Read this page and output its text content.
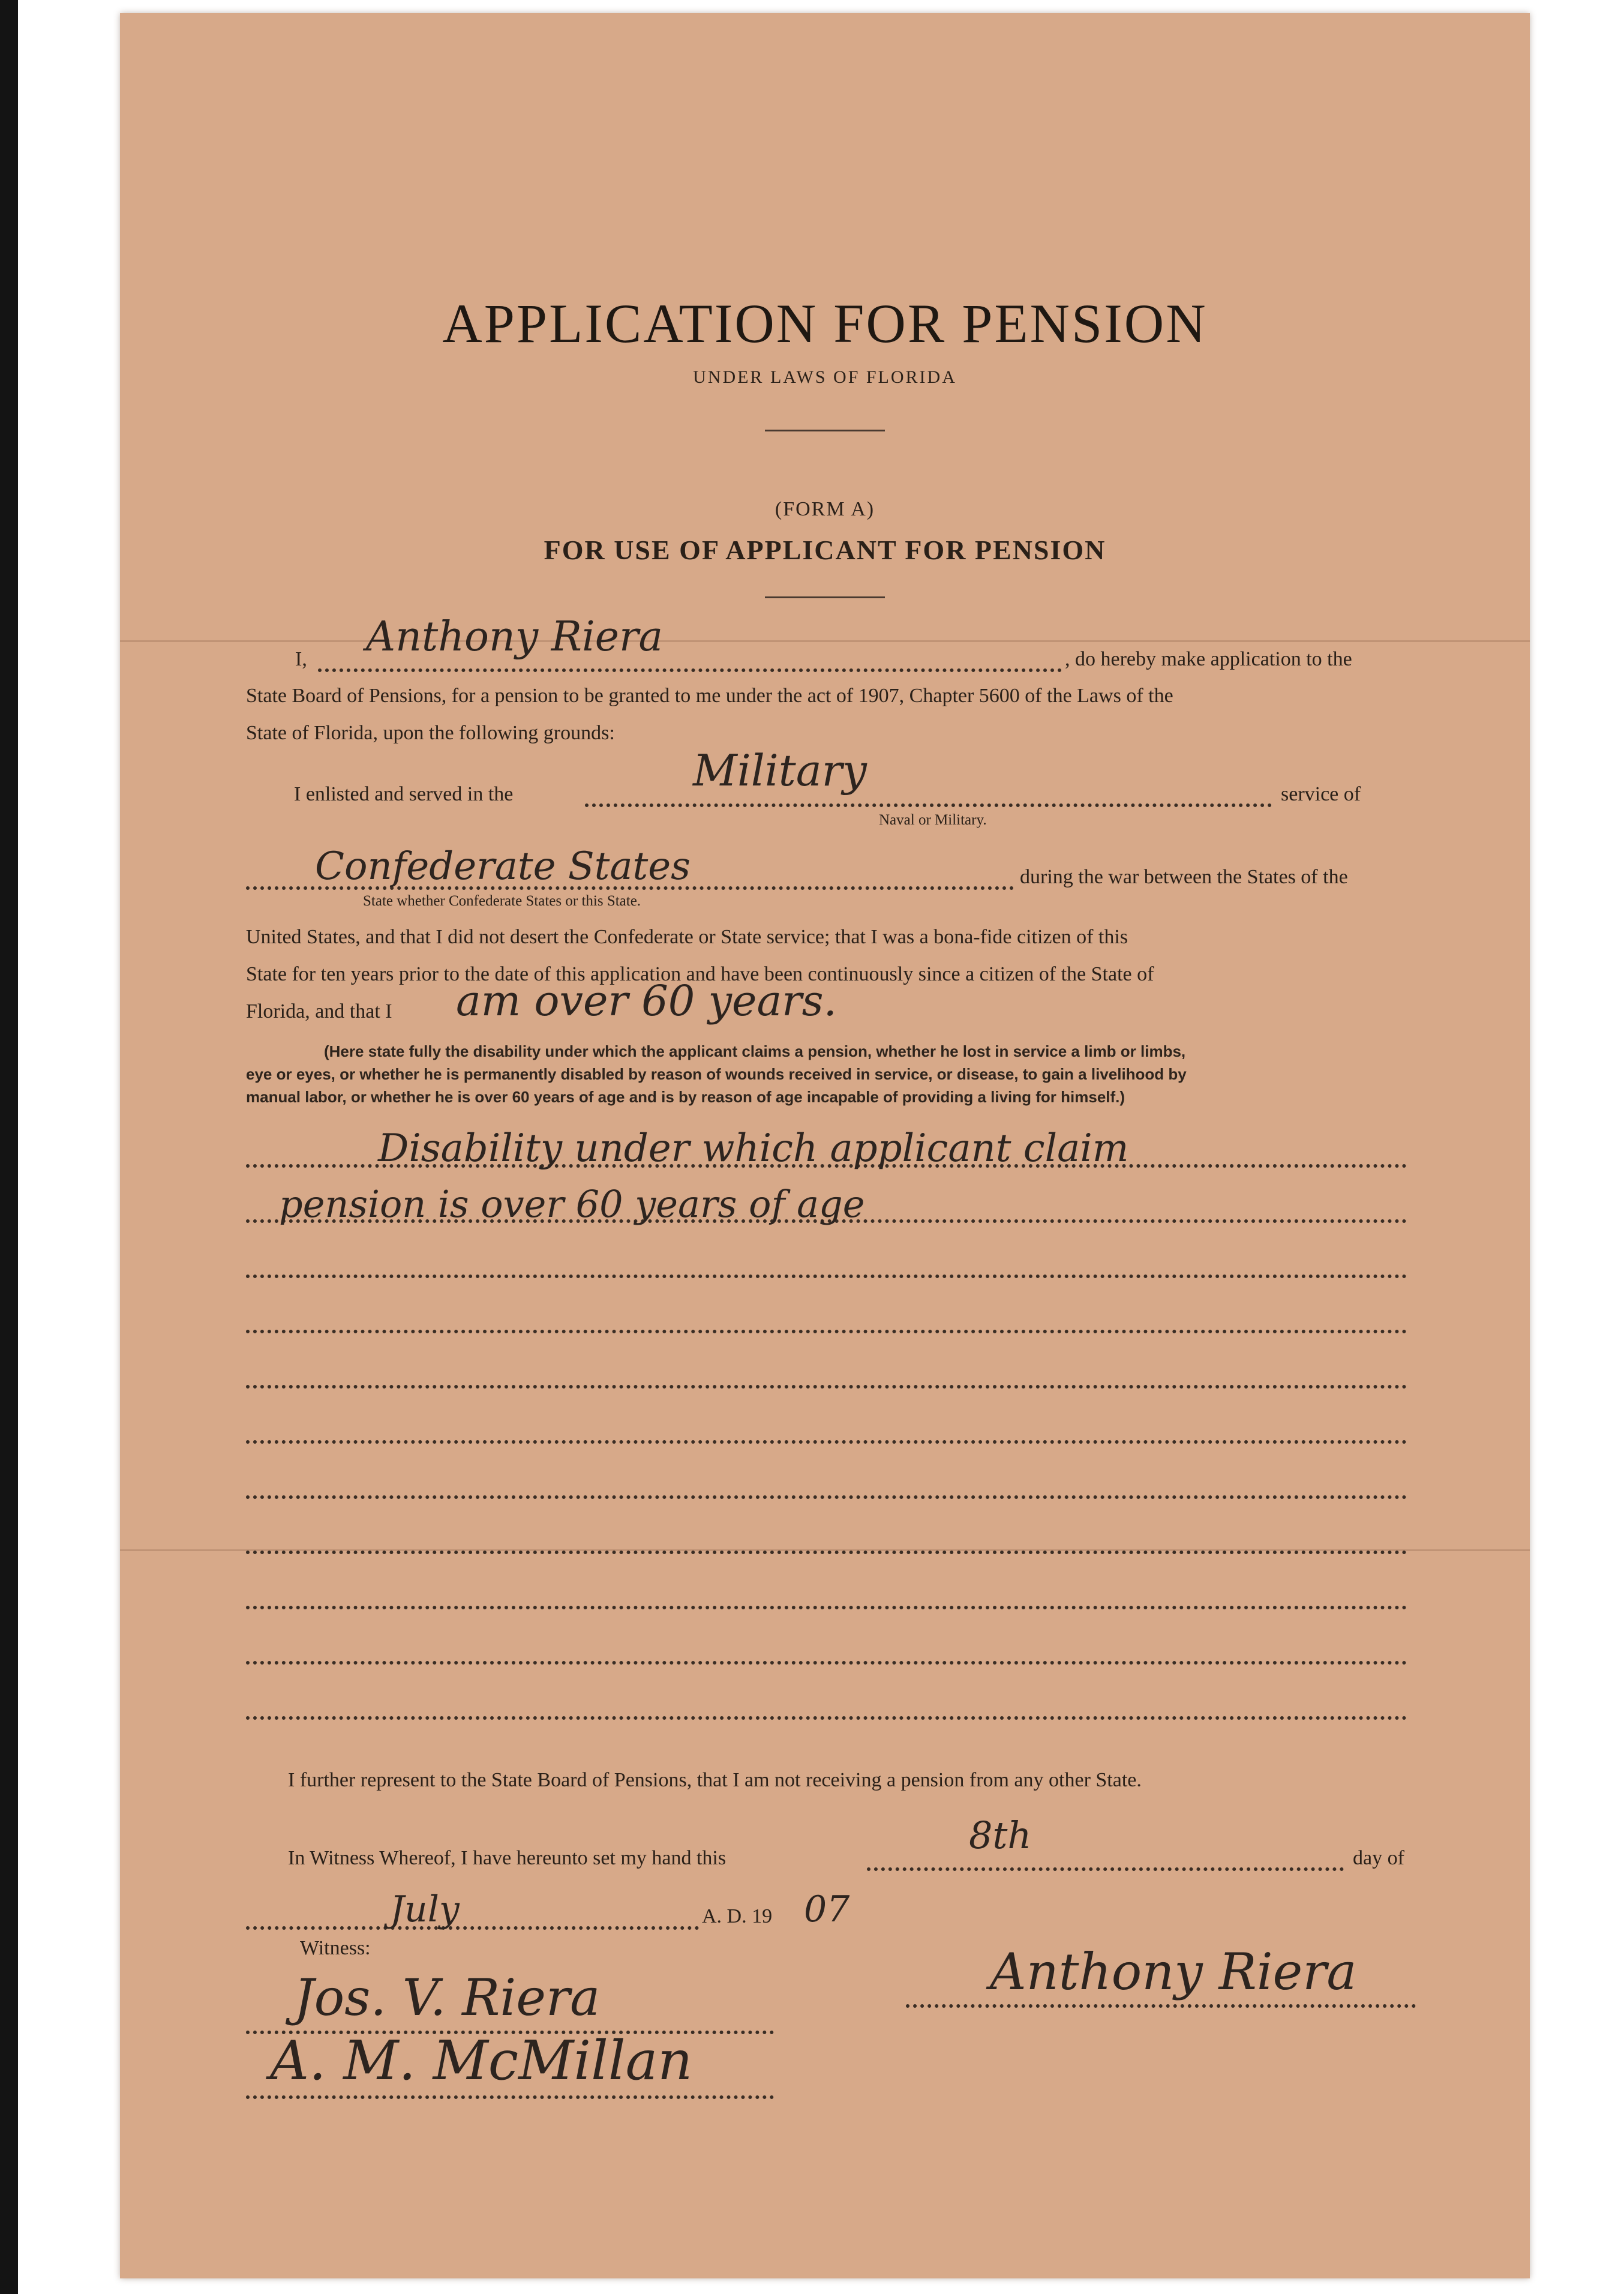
APPLICATION FOR PENSION
UNDER LAWS OF FLORIDA
(FORM A)
FOR USE OF APPLICANT FOR PENSION
I, Anthony Riera	, do hereby make application to the
State Board of Pensions, for a pension to be granted to me under the act of 1907, Chapter 5600 of the Laws of the
State of Florida, upon the following grounds:
I enlisted and served in the	Military
Naval or Military.
service of
Confederate States
State whether Confederate States or this State.
during the war between the States of the
United States, and that I did not desert the Confederate or State service; that I was a bona-fide citizen of this
State for ten years prior to the date of this application and have been continuously since a citizen of the State of
Florida, and that I am over 60 years.
(Here state fully the disability under which the applicant claims a pension, whether he lost in service a limb or limbs,
eye or eyes, or whether he is permanently disabled by reason of wounds received in service, or disease, to gain a livelihood by
manual labor, or whether he is over 60 years of age and is by reason of age incapable of providing a living for himself.)
Disability under which applicant claim
pension is over 60 years of age
I further represent to the State Board of Pensions, that I am not receiving a pension from any other State.
In Witness Whereof, I have hereunto set my hand this
8th
day of
July	A. D. 19 07
Witness:	Anthony Riera
Jos. V. Riera
A. M. McMillan
